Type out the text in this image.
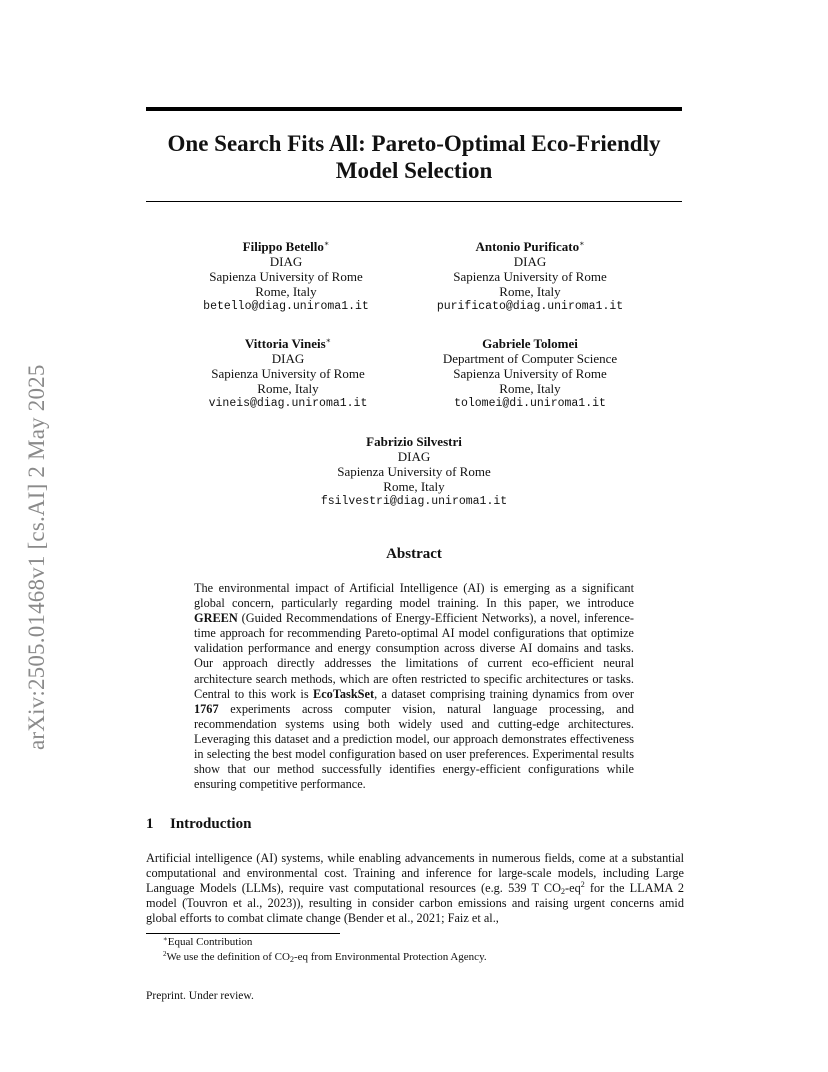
arXiv:2505.01468v1 [cs.AI] 2 May 2025
One Search Fits All: Pareto-Optimal Eco-Friendly
Model Selection
Filippo Betello∗
DIAG
Sapienza University of Rome
Rome, Italy
betello@diag.uniroma1.it
Antonio Purificato∗
DIAG
Sapienza University of Rome
Rome, Italy
purificato@diag.uniroma1.it
Vittoria Vineis∗
DIAG
Sapienza University of Rome
Rome, Italy
vineis@diag.uniroma1.it
Gabriele Tolomei
Department of Computer Science
Sapienza University of Rome
Rome, Italy
tolomei@di.uniroma1.it
Fabrizio Silvestri
DIAG
Sapienza University of Rome
Rome, Italy
fsilvestri@diag.uniroma1.it
Abstract
The environmental impact of Artificial Intelligence (AI) is emerging as a significant global concern, particularly regarding model training. In this paper, we introduce GREEN (Guided Recommendations of Energy-Efficient Networks), a novel, inference-time approach for recommending Pareto-optimal AI model configurations that optimize validation performance and energy consumption across diverse AI domains and tasks. Our approach directly addresses the limitations of current eco-efficient neural architecture search methods, which are often restricted to specific architectures or tasks. Central to this work is EcoTaskSet, a dataset comprising training dynamics from over 1767 experiments across computer vision, natural language processing, and recommendation systems using both widely used and cutting-edge architectures. Leveraging this dataset and a prediction model, our approach demonstrates effectiveness in selecting the best model configuration based on user preferences. Experimental results show that our method successfully identifies energy-efficient configurations while ensuring competitive performance.
1 Introduction
Artificial intelligence (AI) systems, while enabling advancements in numerous fields, come at a substantial computational and environmental cost. Training and inference for large-scale models, including Large Language Models (LLMs), require vast computational resources (e.g. 539 T $CO_2-eq^2$ for the LLAMA 2 model (Touvron et al., 2023)), resulting in consider carbon emissions and raising urgent concerns amid global efforts to combat climate change (Bender et al., 2021; Faiz et al.,
∗Equal Contribution
$^2$We use the definition of $CO_2-eq$ from Environmental Protection Agency.
Preprint. Under review.
